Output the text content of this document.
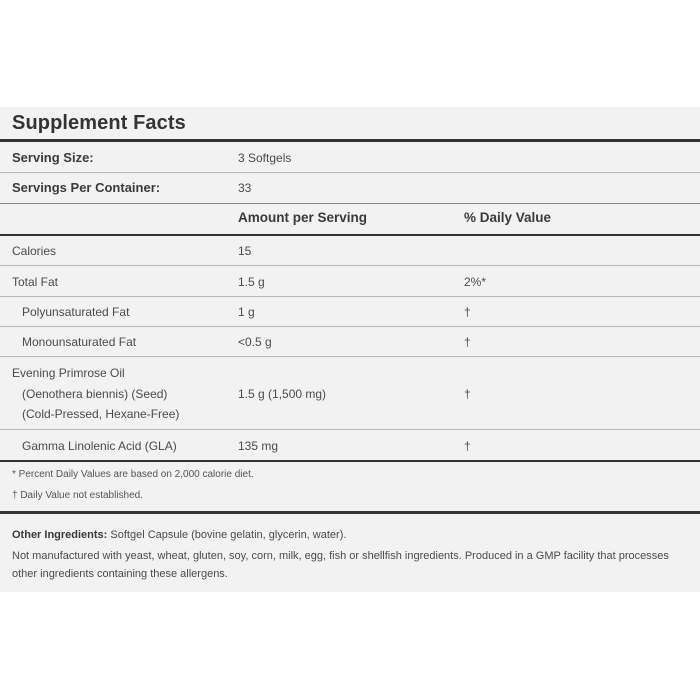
Supplement Facts
Serving Size:	3 Softgels
Servings Per Container:	33
Amount per Serving	% Daily Value
Calories	15
Total Fat	1.5 g	2%*
Polyunsaturated Fat	1 g	†
Monounsaturated Fat	<0.5 g	†
Evening Primrose Oil
(Oenothera biennis) (Seed)
(Cold-Pressed, Hexane-Free)
1.5 g (1,500 mg)	†
Gamma Linolenic Acid (GLA)	135 mg	†
* Percent Daily Values are based on 2,000 calorie diet.
† Daily Value not established.
Other Ingredients: Softgel Capsule (bovine gelatin, glycerin, water).
Not manufactured with yeast, wheat, gluten, soy, corn, milk, egg, fish or shellfish ingredients. Produced in a GMP facility that processes other ingredients containing these allergens.
